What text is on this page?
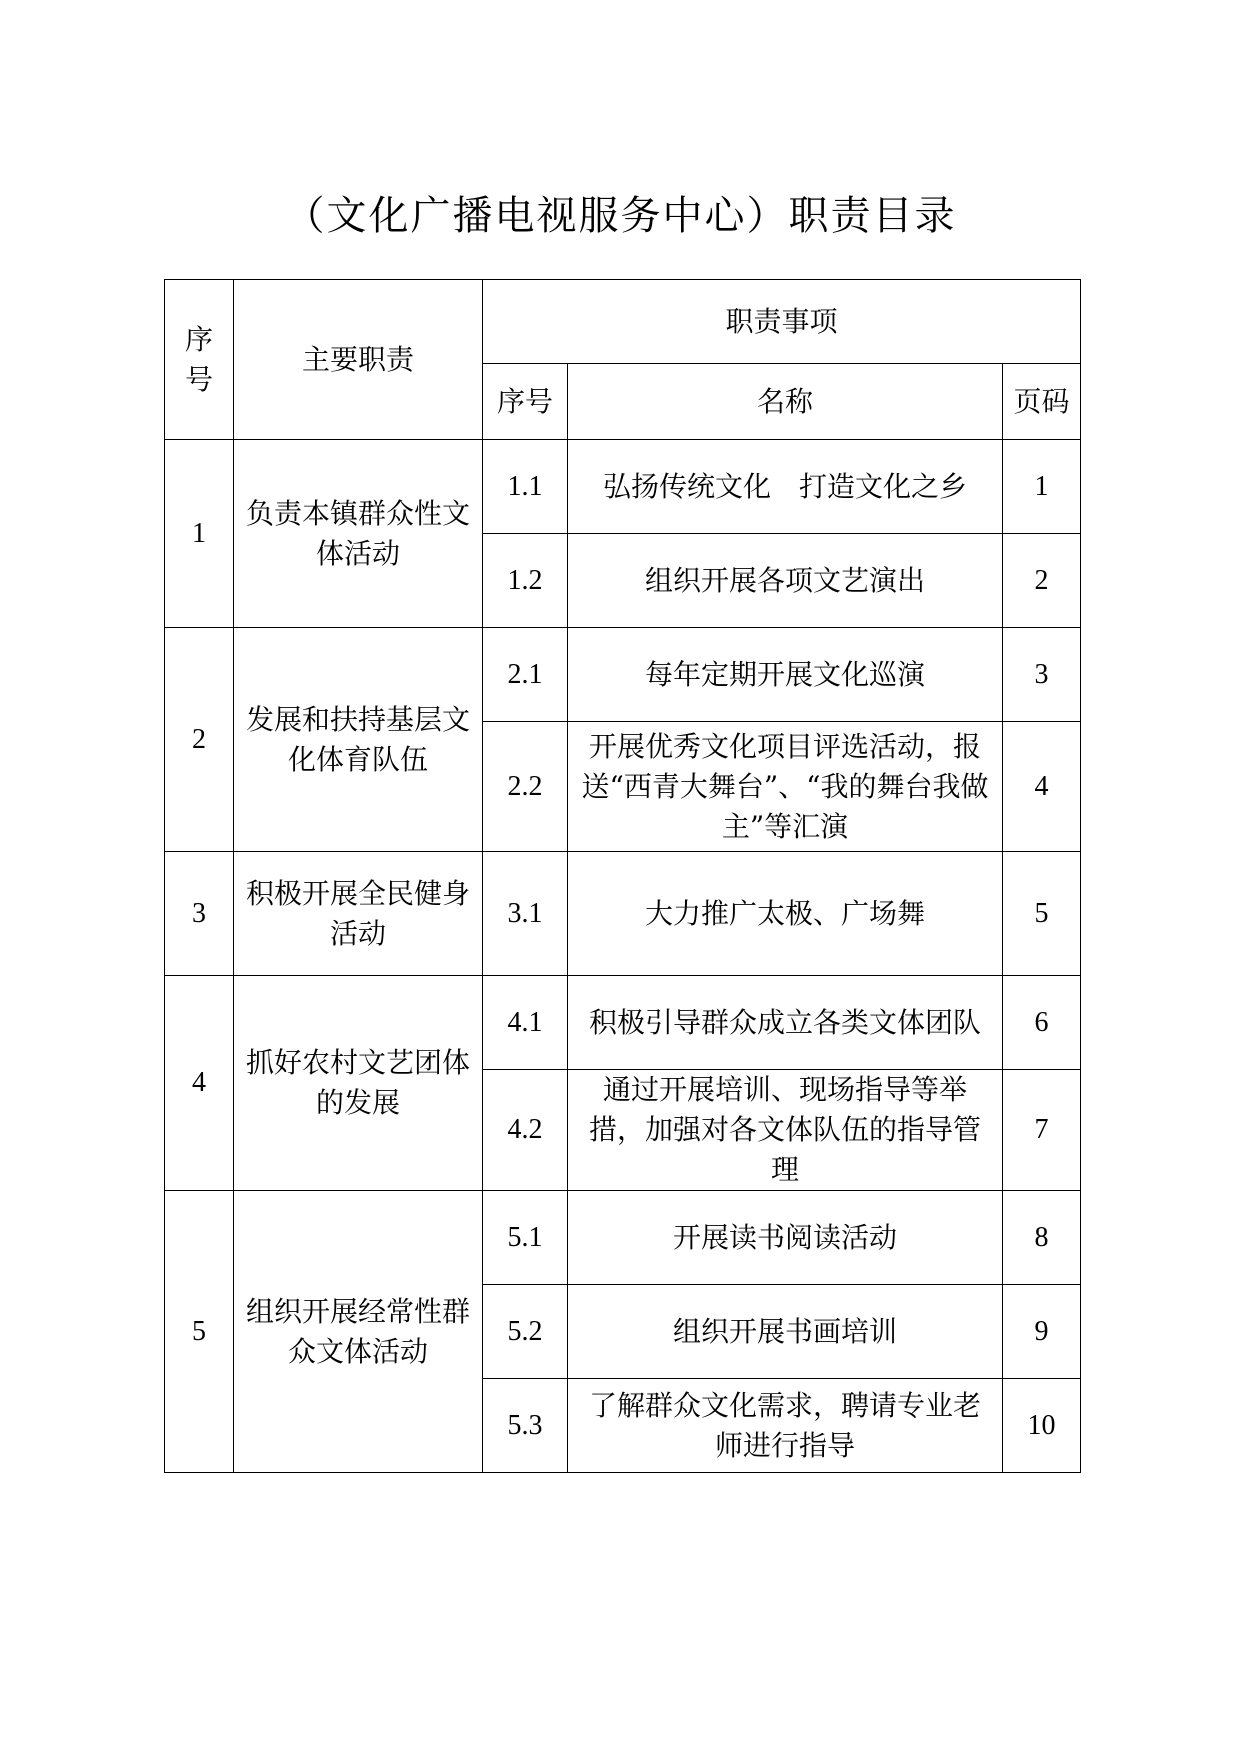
（文化广播电视服务中心）职责目录
序号	主要职责	职责事项		
		序号	名称	页码
1	负责本镇群众性文体活动	1.1	弘扬传统文化　打造文化之乡	1
		1.2	组织开展各项文艺演出	2
2	发展和扶持基层文化体育队伍	2.1	每年定期开展文化巡演	3
		2.2	开展优秀文化项目评选活动，报送“西青大舞台”、“我的舞台我做主”等汇演	4
3	积极开展全民健身活动	3.1	大力推广太极、广场舞	5
4	抓好农村文艺团体的发展	4.1	积极引导群众成立各类文体团队	6
		4.2	通过开展培训、现场指导等举措，加强对各文体队伍的指导管理	7
5	组织开展经常性群众文体活动	5.1	开展读书阅读活动	8
		5.2	组织开展书画培训	9
		5.3	了解群众文化需求，聘请专业老师进行指导	10
